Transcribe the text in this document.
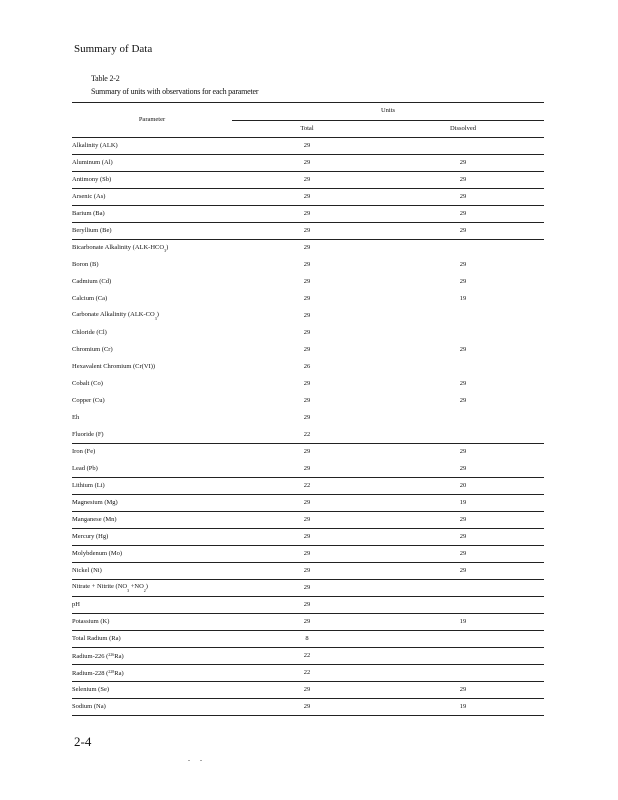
Summary of Data
Table 2-2
Summary of units with observations for each parameter
Parameter	Units	
	Total	Dissolved
Alkalinity (ALK)	29	
Aluminum (Al)	29	29
Antimony (Sb)	29	29
Arsenic (As)	29	29
Barium (Ba)	29	29
Beryllium (Be)	29	29
Bicarbonate Alkalinity $(ALK-HCO_3)$	29	
Boron (B)	29	29
Cadmium (Cd)	29	29
Calcium (Ca)	29	19
Carbonate Alkalinity $(ALK-CO_3)$	29	
Chloride (Cl)	29	
Chromium (Cr)	29	29
Hexavalent Chromium (Cr(VI))	26	
Cobalt (Co)	29	29
Copper (Cu)	29	29
Eh	29	
Fluoride (F)	22	
Iron (Fe)	29	29
Lead (Pb)	29	29
Lithium (Li)	22	20
Magnesium (Mg)	29	19
Manganese (Mn)	29	29
Mercury (Hg)	29	29
Molybdenum (Mo)	29	29
Nickel (Ni)	29	29
Nitrate + Nitrite $(NO_3 +NO_2)$	29	
pH	29	
Potassium (K)	29	19
Total Radium (Ra)	8	
Radium-226 ($^{226}$Ra)	22	
Radium-228 ($^{228}$Ra)	22	
Selenium (Se)	29	29
Sodium (Na)	29	19
2-4
. .
